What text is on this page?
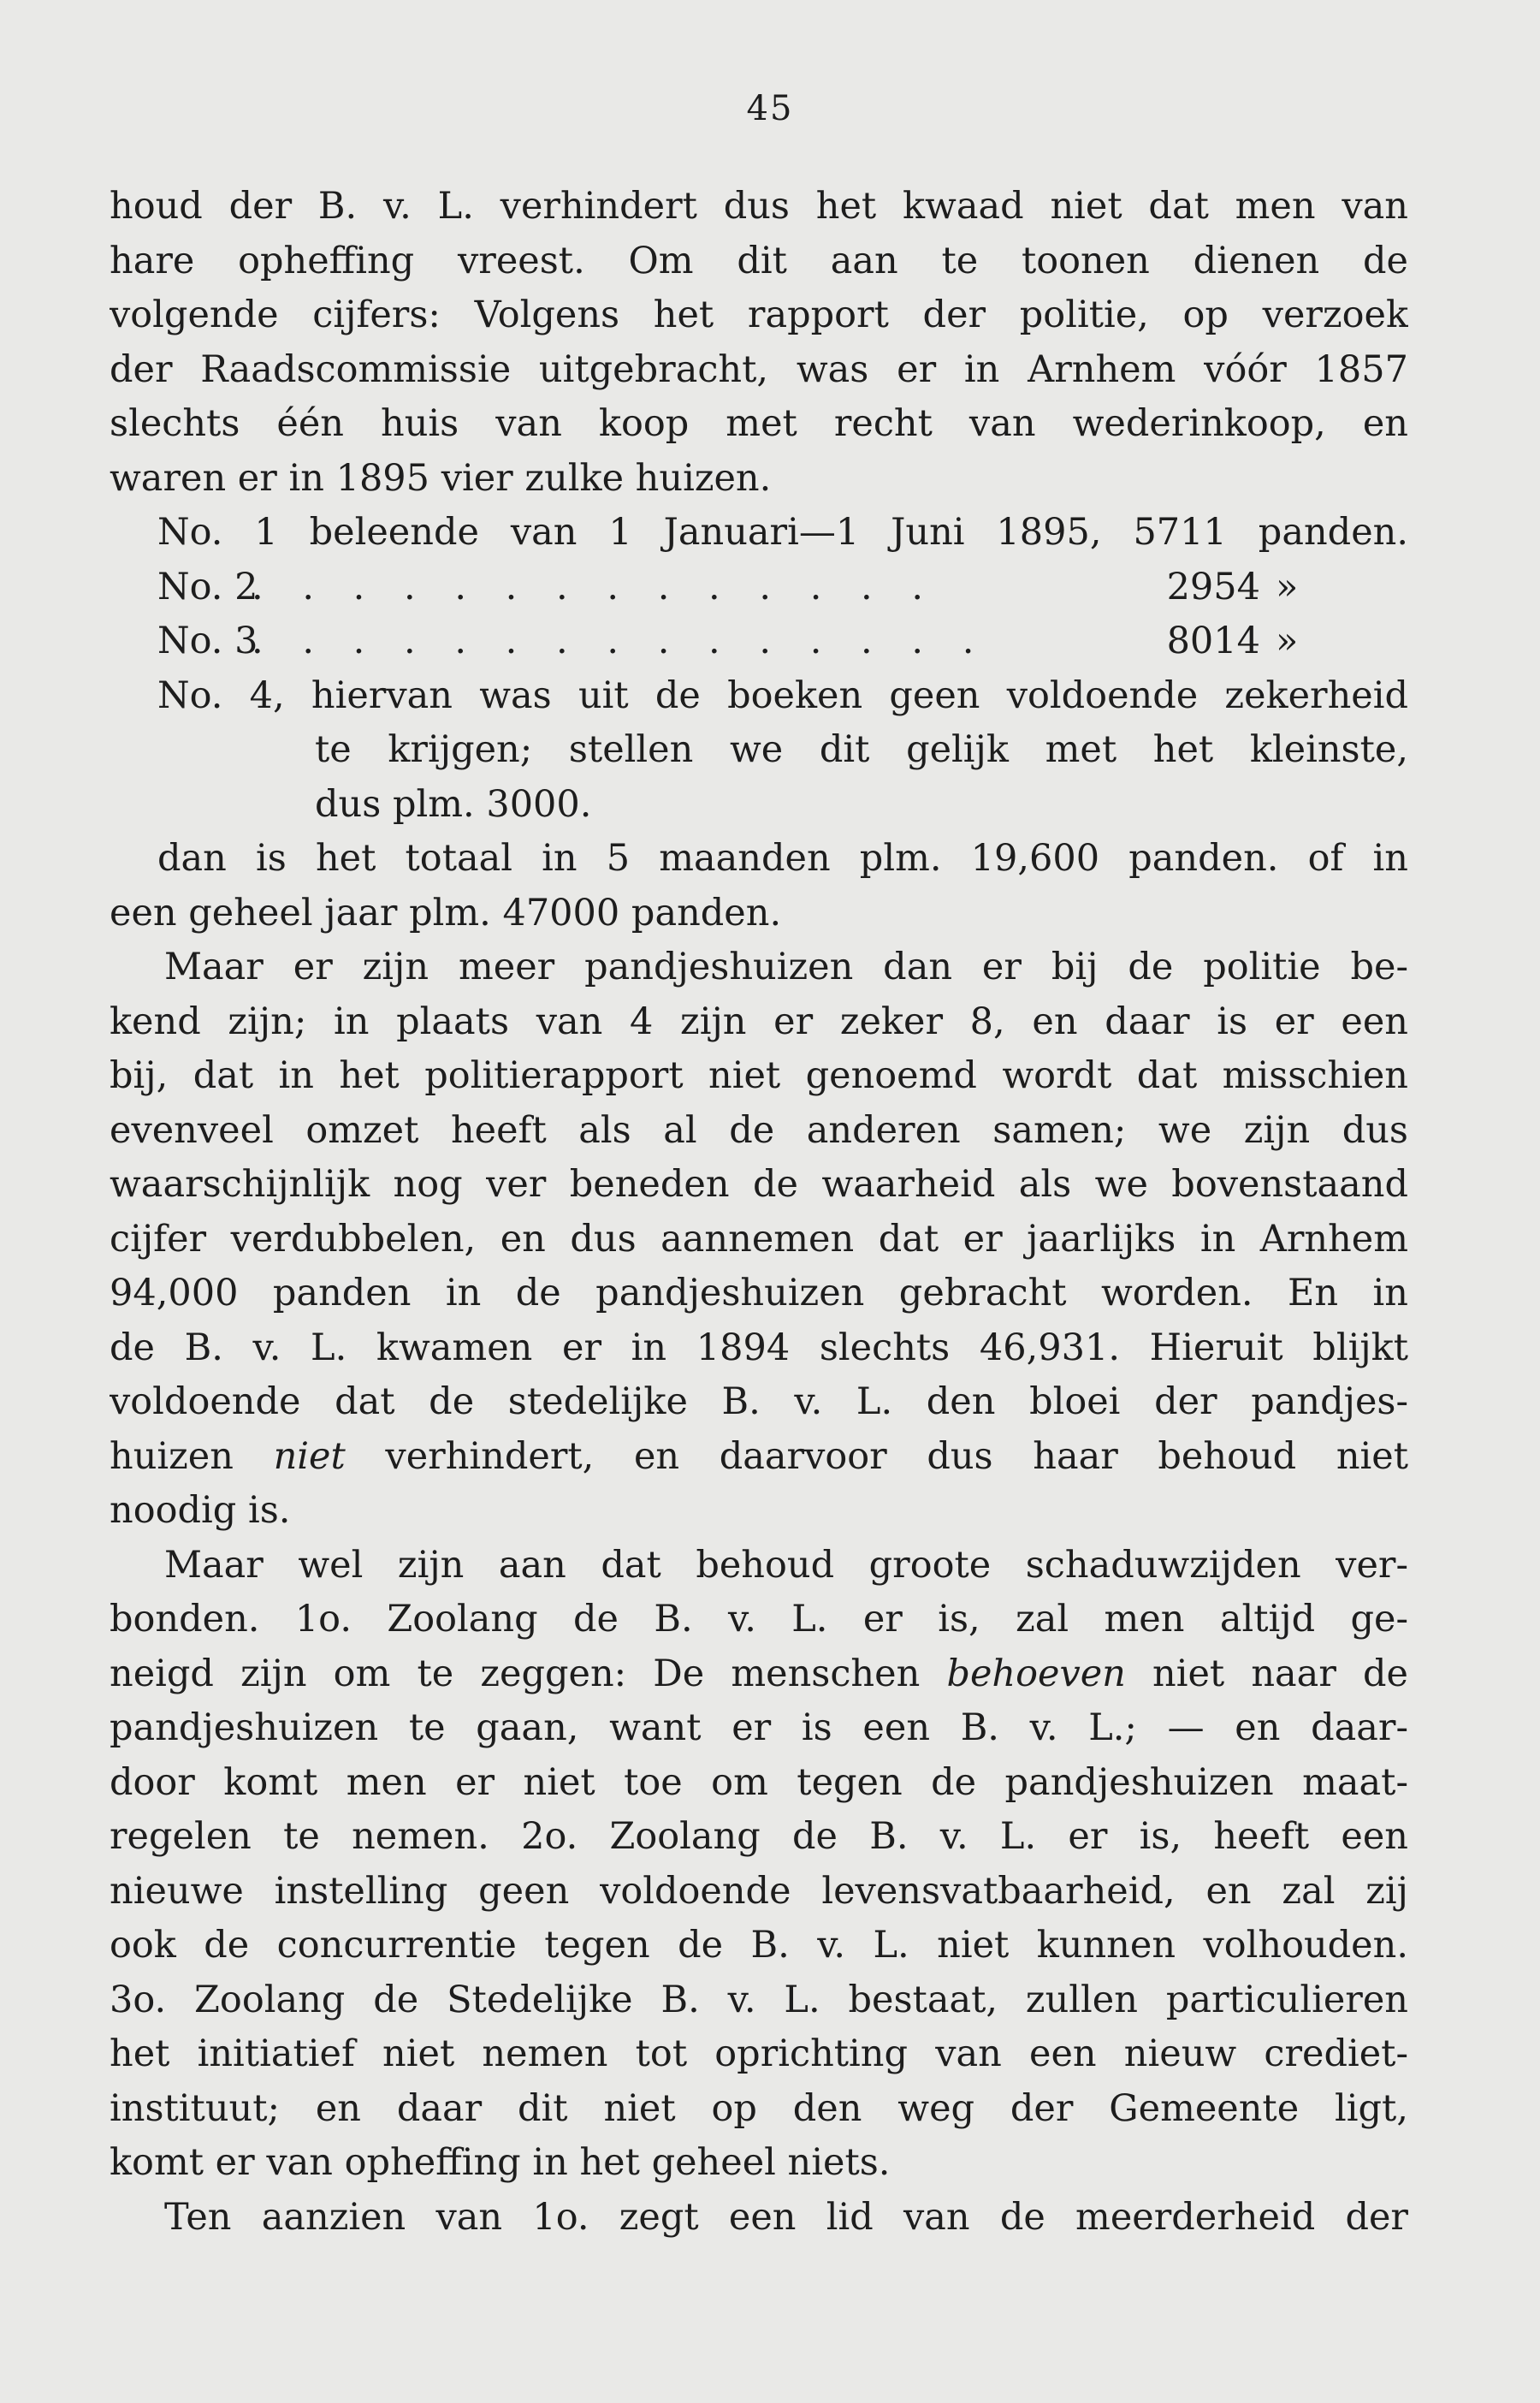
45
houd der B. v. L. verhindert dus het kwaad niet dat men van
hare opheffing vreest. Om dit aan te toonen dienen de
volgende cijfers: Volgens het rapport der politie, op verzoek
der Raadscommissie uitgebracht, was er in Arnhem vóór 1857
slechts één huis van koop met recht van wederinkoop, en
waren er in 1895 vier zulke huizen.
No. 1 beleende van 1 Januari—1 Juni 1895, 5711 panden.
No. 2
. . . . . . . . . . . . . .	2954 »
No. 3
. . . . . . . . . . . . . . .	8014 »
No. 4, hiervan was uit de boeken geen voldoende zekerheid
te krijgen; stellen we dit gelijk met het kleinste,
dus plm. 3000.
dan is het totaal in 5 maanden plm. 19,600 panden. of in
een geheel jaar plm. 47000 panden.
Maar er zijn meer pandjeshuizen dan er bij de politie be-
kend zijn; in plaats van 4 zijn er zeker 8, en daar is er een
bij, dat in het politierapport niet genoemd wordt dat misschien
evenveel omzet heeft als al de anderen samen; we zijn dus
waarschijnlijk nog ver beneden de waarheid als we bovenstaand
cijfer verdubbelen, en dus aannemen dat er jaarlijks in Arnhem
94,000 panden in de pandjeshuizen gebracht worden. En in
de B. v. L. kwamen er in 1894 slechts 46,931. Hieruit blijkt
voldoende dat de stedelijke B. v. L. den bloei der pandjes-
huizen niet verhindert, en daarvoor dus haar behoud niet
noodig is.
Maar wel zijn aan dat behoud groote schaduwzijden ver-
bonden. 1o. Zoolang de B. v. L. er is, zal men altijd ge-
neigd zijn om te zeggen: De menschen behoeven niet naar de
pandjeshuizen te gaan, want er is een B. v. L.; — en daar-
door komt men er niet toe om tegen de pandjeshuizen maat-
regelen te nemen. 2o. Zoolang de B. v. L. er is, heeft een
nieuwe instelling geen voldoende levensvatbaarheid, en zal zij
ook de concurrentie tegen de B. v. L. niet kunnen volhouden.
3o. Zoolang de Stedelijke B. v. L. bestaat, zullen particulieren
het initiatief niet nemen tot oprichting van een nieuw crediet-
instituut; en daar dit niet op den weg der Gemeente ligt,
komt er van opheffing in het geheel niets.
Ten aanzien van 1o. zegt een lid van de meerderheid der
